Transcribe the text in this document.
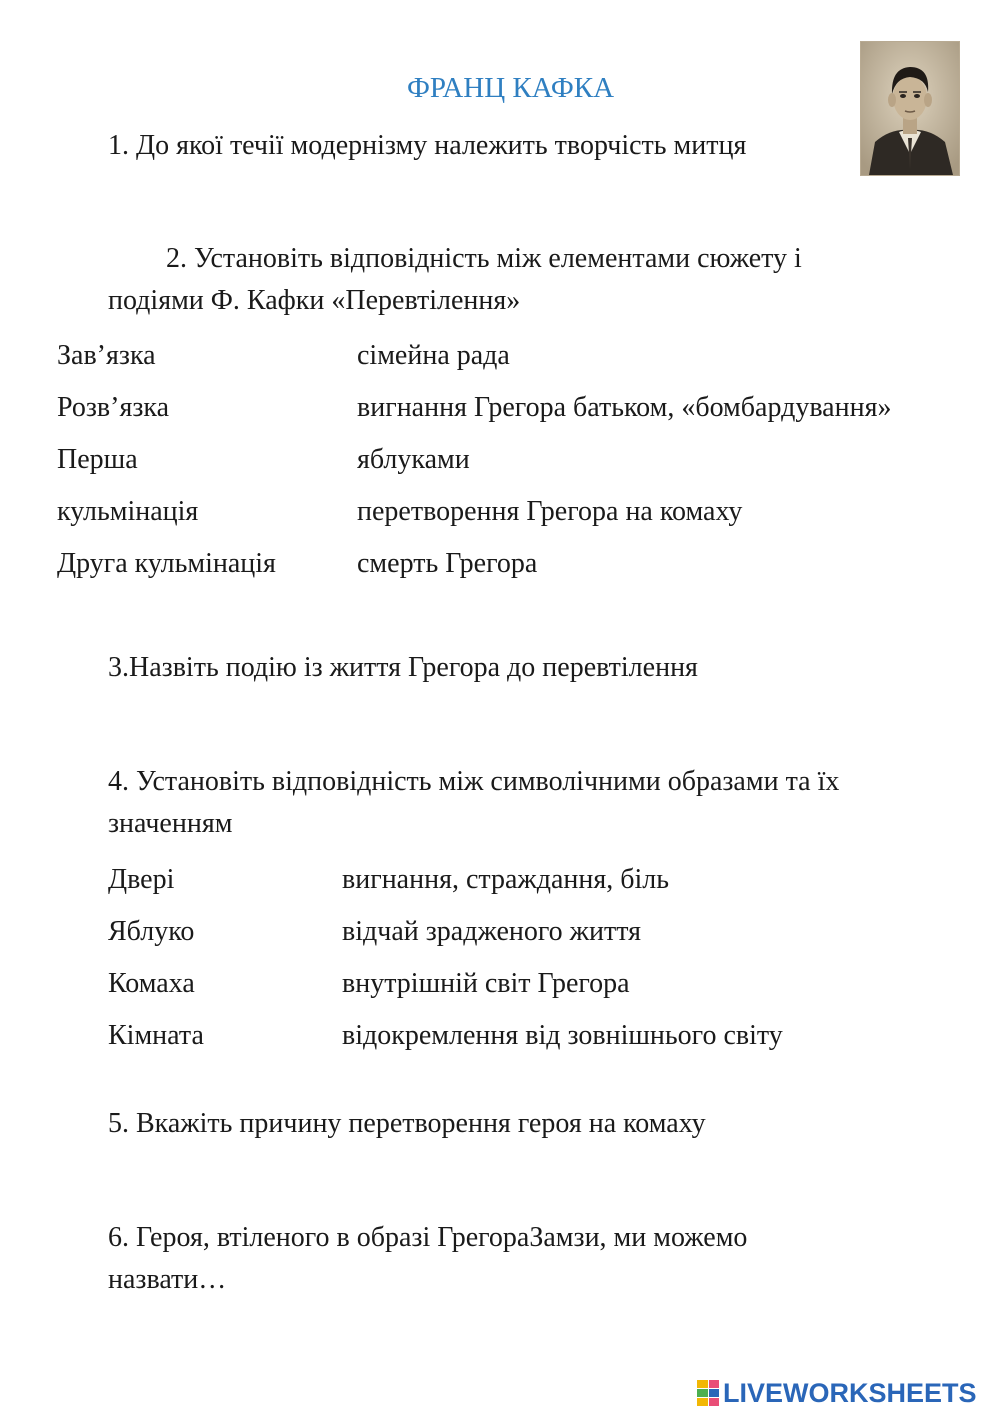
ФРАНЦ КАФКА
1. До якої течії модернізму належить творчість митця
2. Установіть відповідність між елементами сюжету і
подіями Ф. Кафки «Перевтілення»
Зав’язка
Розв’язка
Перша
кульмінація
Друга кульмінація
сімейна рада
вигнання Грегора батьком, «бомбардування»
яблуками
перетворення Грегора на комаху
смерть Грегора
3.Назвіть подію із життя Грегора до перевтілення
4. Установіть відповідність між символічними образами та їх
значенням
Двері
Яблуко
Комаха
Кімната
вигнання, страждання, біль
відчай зрадженого життя
внутрішній світ Грегора
відокремлення від зовнішнього світу
5. Вкажіть причину перетворення героя на комаху
6. Героя, втіленого в образі ГрегораЗамзи, ми можемо
назвати…
LIVEWORKSHEETS
